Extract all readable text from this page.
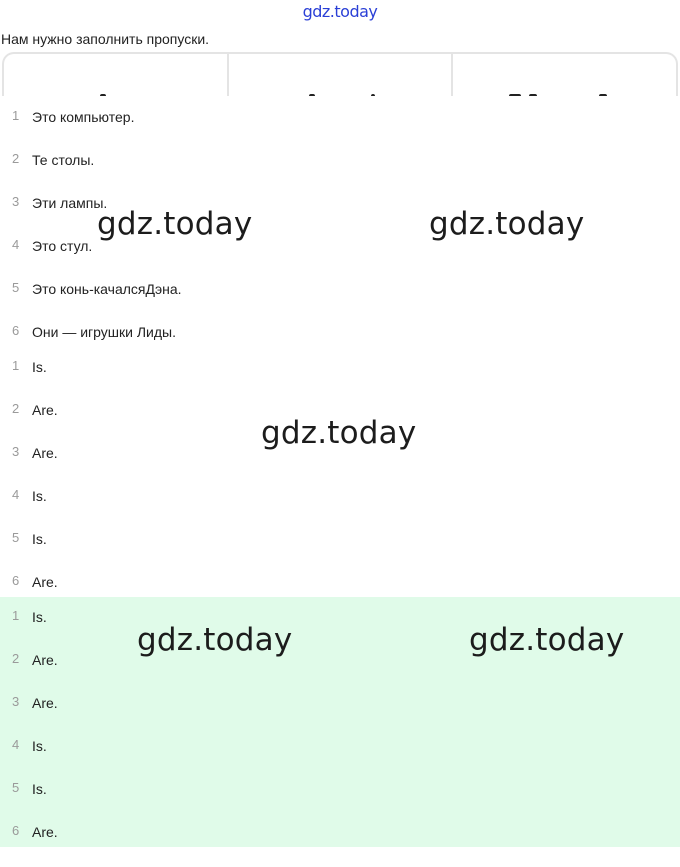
gdz.today
Нам нужно заполнить пропуски.
1 Это компьютер.
2 Те столы.
3 Эти лампы.
4 Это стул.
5 Это конь-качалсяДэна.
6 Они — игрушки Лиды.
1 Is.
2 Are.
3 Are.
4 Is.
5 Is.
6 Are.
1 Is.
2 Are.
3 Are.
4 Is.
5 Is.
6 Are.
gdz.today	gdz.today
gdz.today
gdz.today	gdz.today
